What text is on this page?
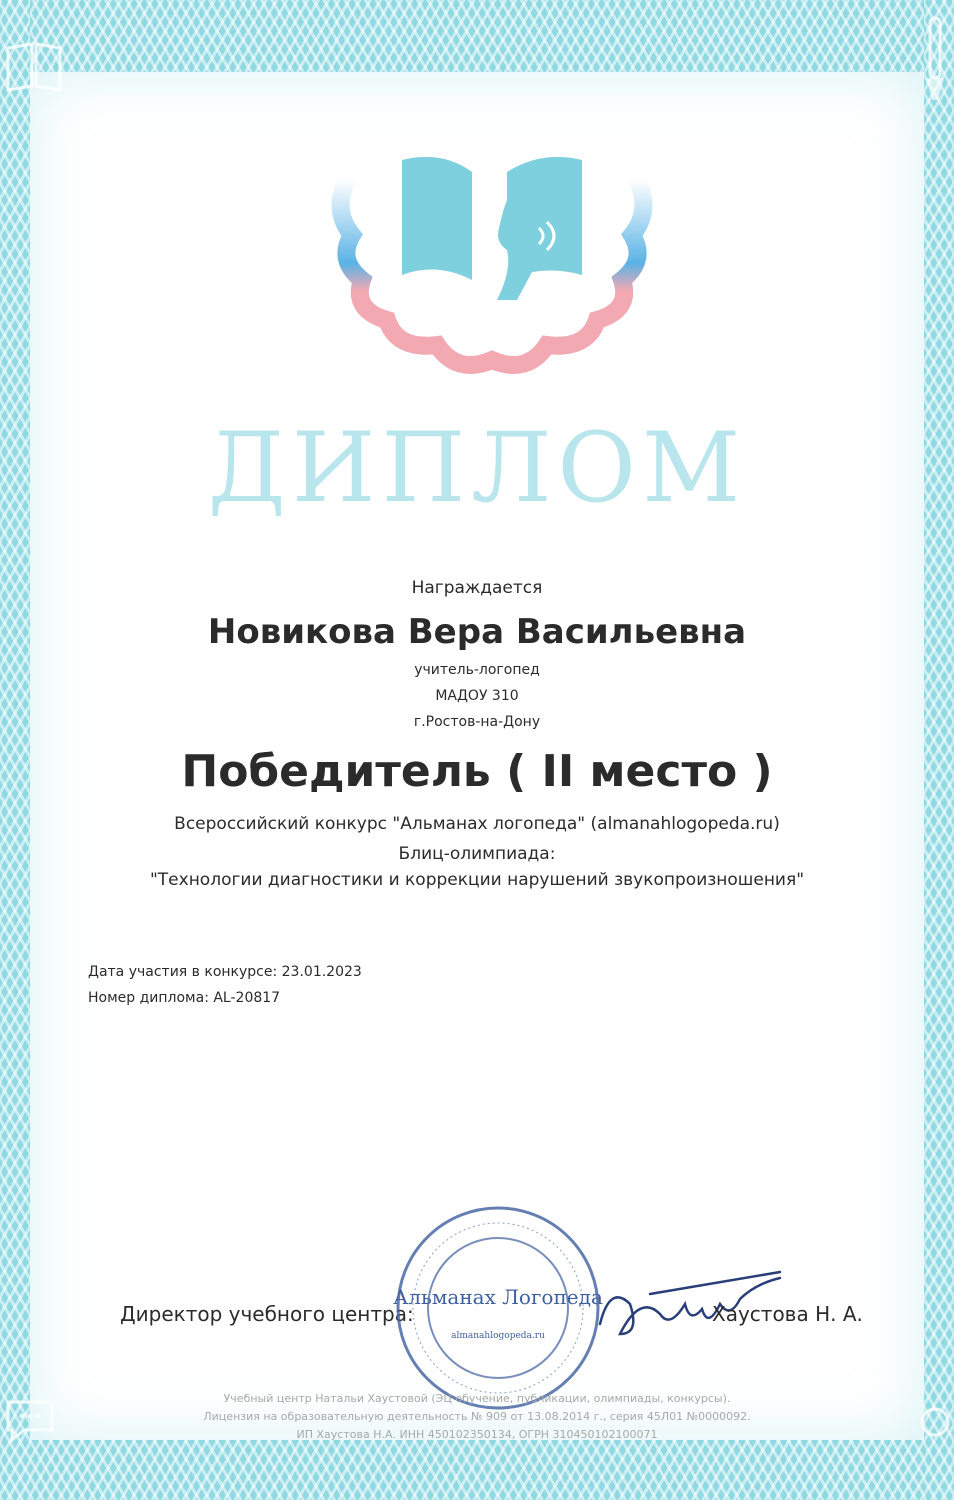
ДИПЛОМ
Награждается
Новикова Вера Васильевна
учитель-логопед
МАДОУ 310
г.Ростов-на-Дону
Победитель ( II место )
Всероссийский конкурс "Альманах логопеда" (almanahlogopeda.ru)
Блиц-олимпиада:
"Технологии диагностики и коррекции нарушений звукопроизношения"
Дата участия в конкурсе: 23.01.2023
Номер диплома: AL-20817
Директор учебного центра:
Альманах Логопеда
almanahlogopeda.ru
Хаустова Н. А.
Учебный центр Натальи Хаустовой (ЭЦ обучение, публикации, олимпиады, конкурсы).
Лицензия на образовательную деятельность № 909 от 13.08.2014 г., серия 45Л01 №0000092.
ИП Хаустова Н.А. ИНН 450102350134, ОГРН 310450102100071
